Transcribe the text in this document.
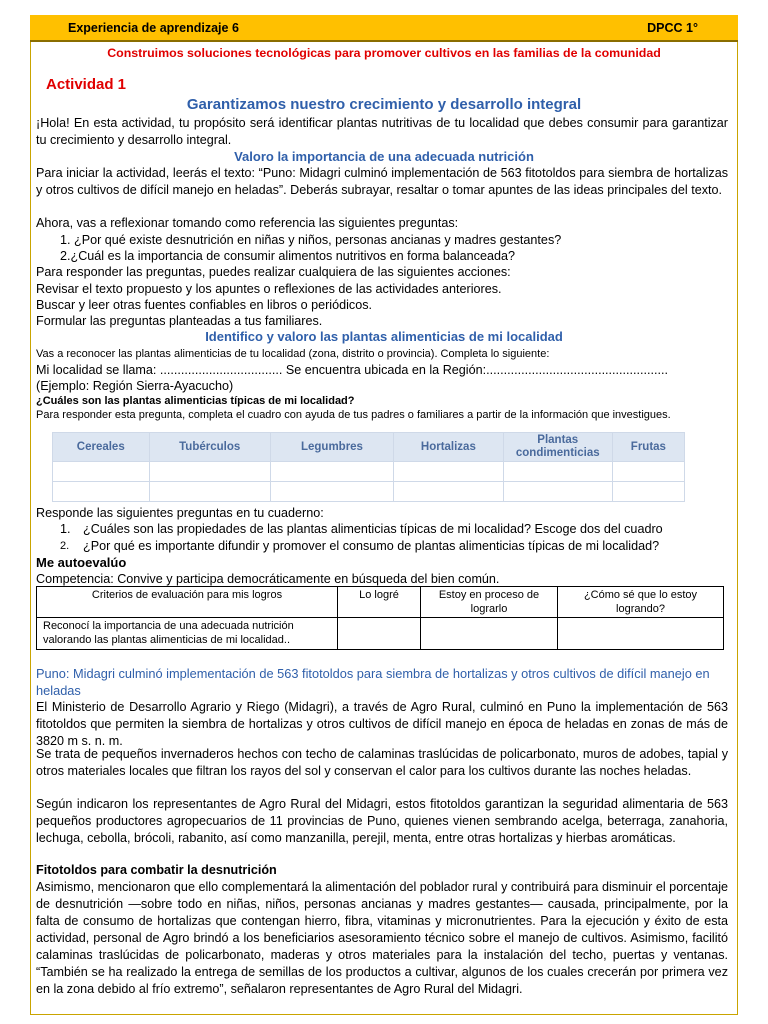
Experiencia de aprendizaje 6	DPCC 1°
Construimos soluciones tecnológicas para promover cultivos en las familias de la comunidad
Actividad 1
Garantizamos nuestro crecimiento y desarrollo integral
¡Hola! En esta actividad, tu propósito será identificar plantas nutritivas de tu localidad que debes consumir para garantizar tu crecimiento y desarrollo integral.
Valoro la importancia de una adecuada nutrición
Para iniciar la actividad, leerás el texto: “Puno: Midagri culminó implementación de 563 fitotoldos para siembra de hortalizas y otros cultivos de difícil manejo en heladas”. Deberás subrayar, resaltar o tomar apuntes de las ideas principales del texto.
Ahora, vas a reflexionar tomando como referencia las siguientes preguntas:
1. ¿Por qué existe desnutrición en niñas y niños, personas ancianas y madres gestantes?
2.¿Cuál es la importancia de consumir alimentos nutritivos en forma balanceada?
Para responder las preguntas, puedes realizar cualquiera de las siguientes acciones:
Revisar el texto propuesto y los apuntes o reflexiones de las actividades anteriores.
Buscar y leer otras fuentes confiables en libros o periódicos.
Formular las preguntas planteadas a tus familiares.
Identifico y valoro las plantas alimenticias de mi localidad
Vas a reconocer las plantas alimenticias de tu localidad (zona, distrito o provincia). Completa lo siguiente:
Mi localidad se llama: ................................... Se encuentra ubicada en la Región:....................................................
(Ejemplo: Región Sierra-Ayacucho)
¿Cuáles son las plantas alimenticias típicas de mi localidad?
Para responder esta pregunta, completa el cuadro con ayuda de tus padres o familiares a partir de la información que investigues.
Cereales	Tubérculos	Legumbres	Hortalizas	Plantas condimenticias	Frutas

Responde las siguientes preguntas en tu cuaderno:
1. ¿Cuáles son las propiedades de las plantas alimenticias típicas de mi localidad? Escoge dos del cuadro
2. ¿Por qué es importante difundir y promover el consumo de plantas alimenticias típicas de mi localidad?
Me autoevalúo
Competencia: Convive y participa democráticamente en búsqueda del bien común.
Criterios de evaluación para mis logros	Lo logré	Estoy en proceso de lograrlo	¿Cómo sé que lo estoy logrando?
Reconocí la importancia de una adecuada nutrición valorando las plantas alimenticias de mi localidad..			
Puno: Midagri culminó implementación de 563 fitotoldos para siembra de hortalizas y otros cultivos de difícil manejo en heladas
El Ministerio de Desarrollo Agrario y Riego (Midagri), a través de Agro Rural, culminó en Puno la implementación de 563 fitotoldos que permiten la siembra de hortalizas y otros cultivos de difícil manejo en época de heladas en zonas de más de 3820 m s. n. m.
Se trata de pequeños invernaderos hechos con techo de calaminas traslúcidas de policarbonato, muros de adobes, tapial y otros materiales locales que filtran los rayos del sol y conservan el calor para los cultivos durante las noches heladas.
Según indicaron los representantes de Agro Rural del Midagri, estos fitotoldos garantizan la seguridad alimentaria de 563 pequeños productores agropecuarios de 11 provincias de Puno, quienes vienen sembrando acelga, beterraga, zanahoria, lechuga, cebolla, brócoli, rabanito, así como manzanilla, perejil, menta, entre otras hortalizas y hierbas aromáticas.
Fitotoldos para combatir la desnutrición
Asimismo, mencionaron que ello complementará la alimentación del poblador rural y contribuirá para disminuir el porcentaje de desnutrición —sobre todo en niñas, niños, personas ancianas y madres gestantes— causada, principalmente, por la falta de consumo de hortalizas que contengan hierro, fibra, vitaminas y micronutrientes. Para la ejecución y éxito de esta actividad, personal de Agro brindó a los beneficiarios asesoramiento técnico sobre el manejo de cultivos. Asimismo, facilitó calaminas traslúcidas de policarbonato, maderas y otros materiales para la instalación del techo, puertas y ventanas. “También se ha realizado la entrega de semillas de los productos a cultivar, algunos de los cuales crecerán por primera vez en la zona debido al frío extremo”, señalaron representantes de Agro Rural del Midagri.
